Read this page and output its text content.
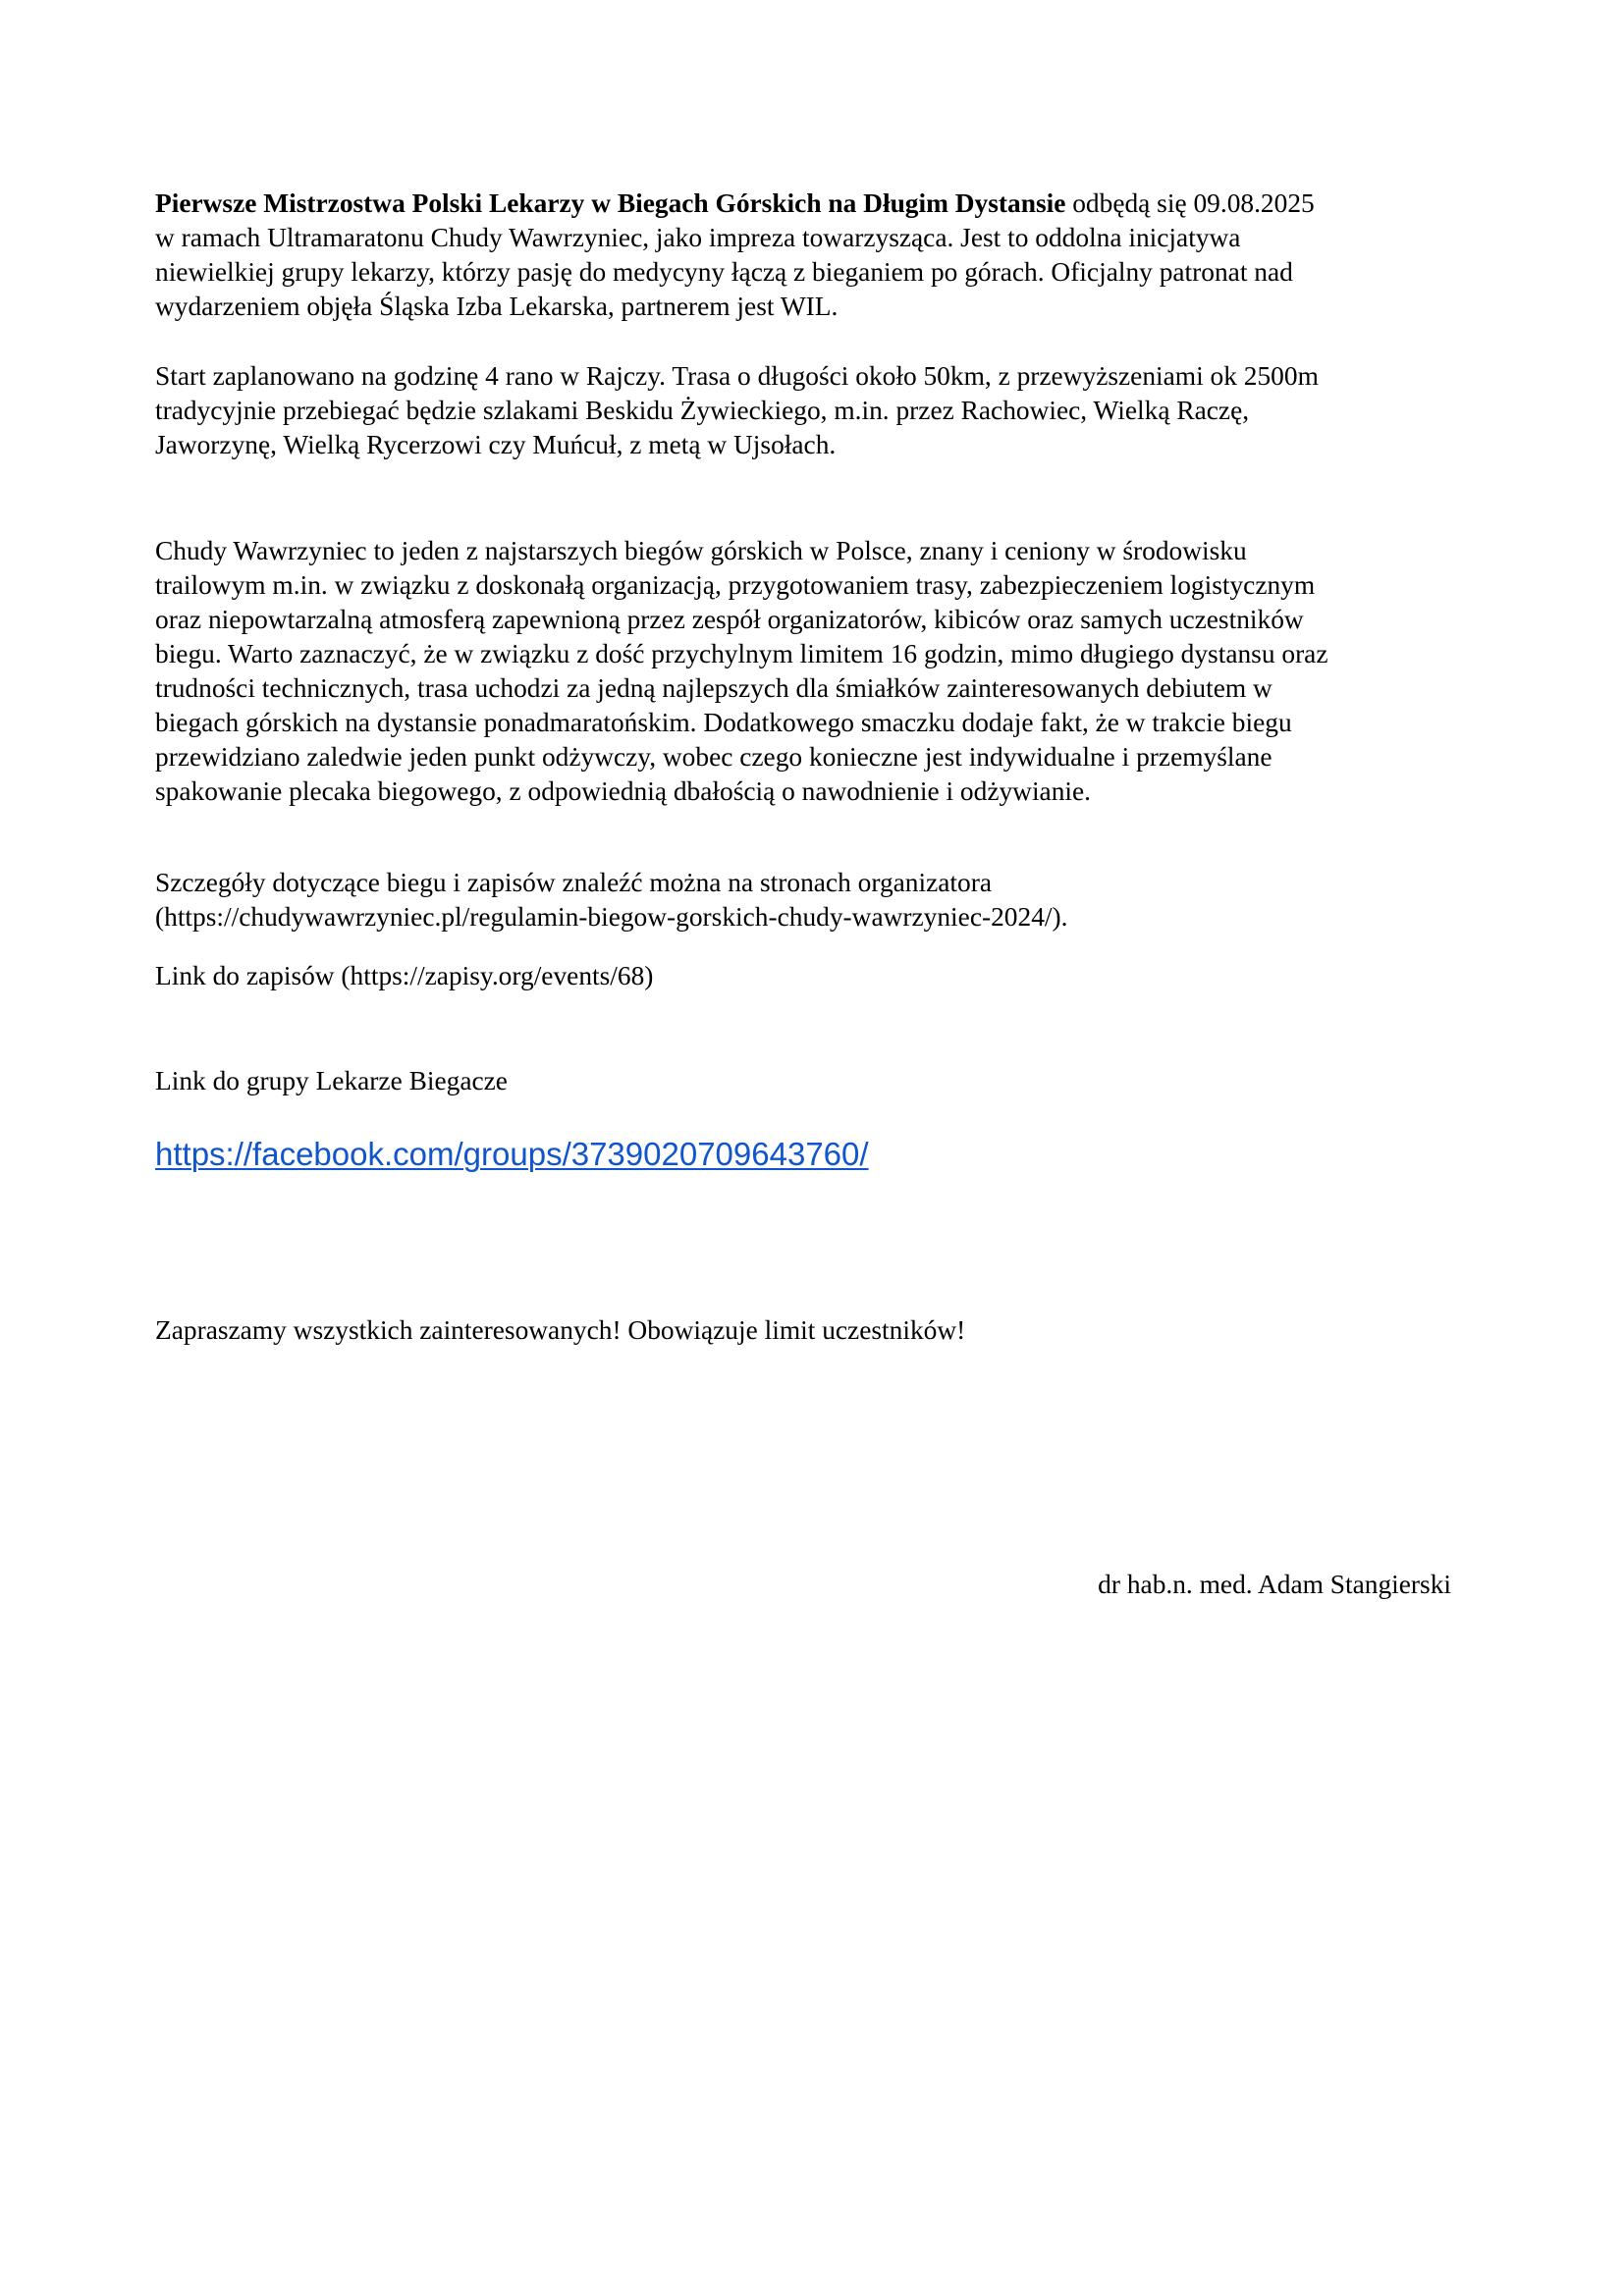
Pierwsze Mistrzostwa Polski Lekarzy w Biegach Górskich na Długim Dystansie odbędą się 09.08.2025
w ramach Ultramaratonu Chudy Wawrzyniec, jako impreza towarzysząca. Jest to oddolna inicjatywa
niewielkiej grupy lekarzy, którzy pasję do medycyny łączą z bieganiem po górach. Oficjalny patronat nad
wydarzeniem objęła Śląska Izba Lekarska, partnerem jest WIL.

Start zaplanowano na godzinę 4 rano w Rajczy. Trasa o długości około 50km, z przewyższeniami ok 2500m
tradycyjnie przebiegać będzie szlakami Beskidu Żywieckiego, m.in. przez Rachowiec, Wielką Raczę,
Jaworzynę, Wielką Rycerzowi czy Muńcuł, z metą w Ujsołach.

Chudy Wawrzyniec to jeden z najstarszych biegów górskich w Polsce, znany i ceniony w środowisku
trailowym m.in. w związku z doskonałą organizacją, przygotowaniem trasy, zabezpieczeniem logistycznym
oraz niepowtarzalną atmosferą zapewnioną przez zespół organizatorów, kibiców oraz samych uczestników
biegu. Warto zaznaczyć, że w związku z dość przychylnym limitem 16 godzin, mimo długiego dystansu oraz
trudności technicznych, trasa uchodzi za jedną najlepszych dla śmiałków zainteresowanych debiutem w
biegach górskich na dystansie ponadmaratońskim. Dodatkowego smaczku dodaje fakt, że w trakcie biegu
przewidziano zaledwie jeden punkt odżywczy, wobec czego konieczne jest indywidualne i przemyślane
spakowanie plecaka biegowego, z odpowiednią dbałością o nawodnienie i odżywianie.

Szczegóły dotyczące biegu i zapisów znaleźć można na stronach organizatora
(https://chudywawrzyniec.pl/regulamin-biegow-gorskich-chudy-wawrzyniec-2024/).

Link do zapisów (https://zapisy.org/events/68)

Link do grupy Lekarze Biegacze

https://facebook.com/groups/3739020709643760/

Zapraszamy wszystkich zainteresowanych! Obowiązuje limit uczestników!

dr hab.n. med. Adam Stangierski
